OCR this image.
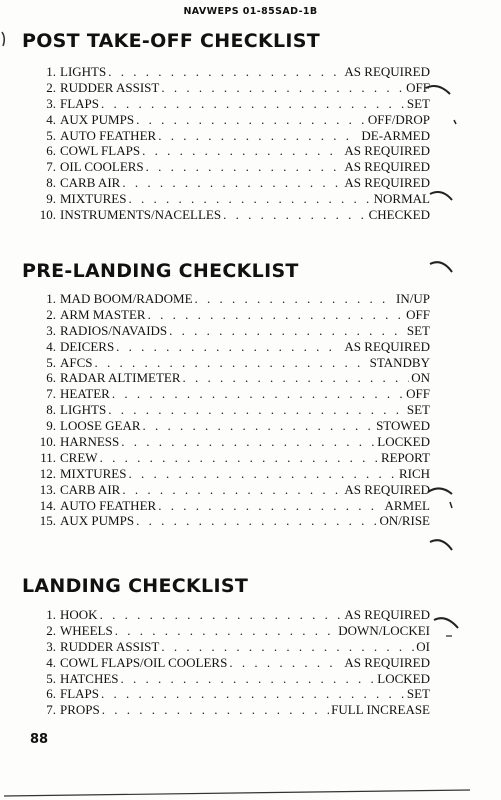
NAVWEPS 01-85SAD-1B
POST TAKE-OFF CHECKLIST
1. LIGHTS . . .	AS REQUIRED
2. RUDDER ASSIST . . .	OFF
3. FLAPS . . .	SET
4. AUX PUMPS . . .	OFF/DROP
5. AUTO FEATHER . . .	DE-ARMED
6. COWL FLAPS . . .	AS REQUIRED
7. OIL COOLERS . . .	AS REQUIRED
8. CARB AIR . . .	AS REQUIRED
9. MIXTURES . . .	NORMAL
10. INSTRUMENTS/NACELLES . . .	CHECKED
PRE-LANDING CHECKLIST
1. MAD BOOM/RADOME . . .	IN/UP
2. ARM MASTER . . .	OFF
3. RADIOS/NAVAIDS . . .	SET
4. DEICERS . . .	AS REQUIRED
5. AFCS . . .	STANDBY
6. RADAR ALTIMETER . . .	ON
7. HEATER . . .	OFF
8. LIGHTS . . .	SET
9. LOOSE GEAR . . .	STOWED
10. HARNESS . . .	LOCKED
11. CREW . . .	REPORT
12. MIXTURES . . .	RICH
13. CARB AIR . . .	AS REQUIRED
14. AUTO FEATHER . . .	ARMEL
15. AUX PUMPS . . .	ON/RISE
LANDING CHECKLIST
1. HOOK . . .	AS REQUIRED
2. WHEELS . . .	DOWN/LOCKEI
3. RUDDER ASSIST . . .	OI
4. COWL FLAPS/OIL COOLERS . . .	AS REQUIRED
5. HATCHES . . .	LOCKED
6. FLAPS . . .	SET
7. PROPS . . .	FULL INCREASE
88
